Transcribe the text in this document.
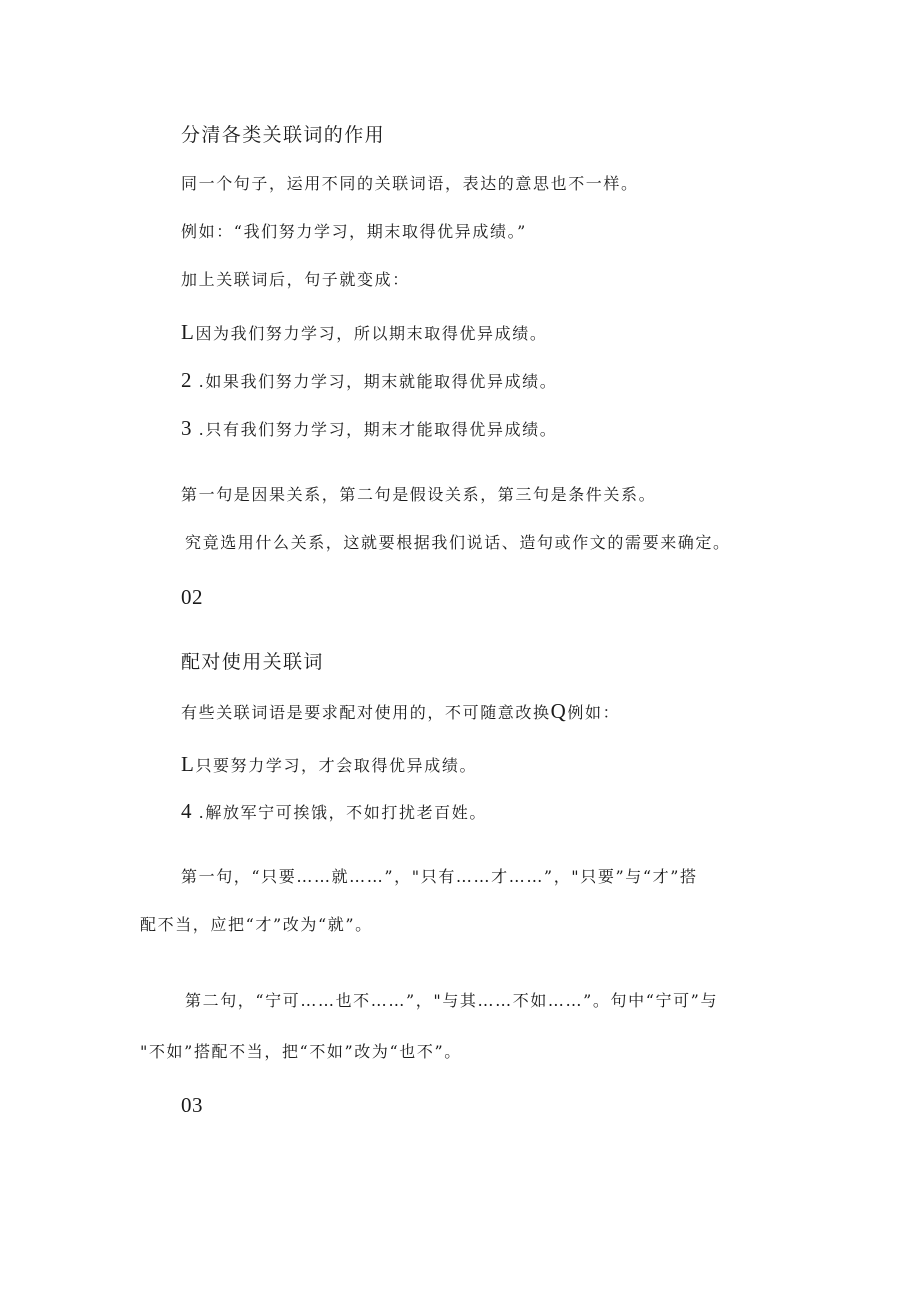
分清各类关联词的作用
同一个句子，运用不同的关联词语，表达的意思也不一样。
例如：“我们努力学习，期末取得优异成绩。”
加上关联词后，句子就变成：
L因为我们努力学习，所以期末取得优异成绩。
2 .如果我们努力学习，期末就能取得优异成绩。
3 .只有我们努力学习，期末才能取得优异成绩。
第一句是因果关系，第二句是假设关系，第三句是条件关系。
究竟选用什么关系，这就要根据我们说话、造句或作文的需要来确定。
02
配对使用关联词
有些关联词语是要求配对使用的，不可随意改换Q例如：
L只要努力学习，才会取得优异成绩。
4 .解放军宁可挨饿，不如打扰老百姓。
第一句，“只要……就……”，"只有……才……”，"只要”与“才”搭
配不当，应把“才”改为“就”。
第二句，“宁可……也不……”，"与其……不如……”。句中“宁可”与
"不如”搭配不当，把“不如”改为“也不”。
03
